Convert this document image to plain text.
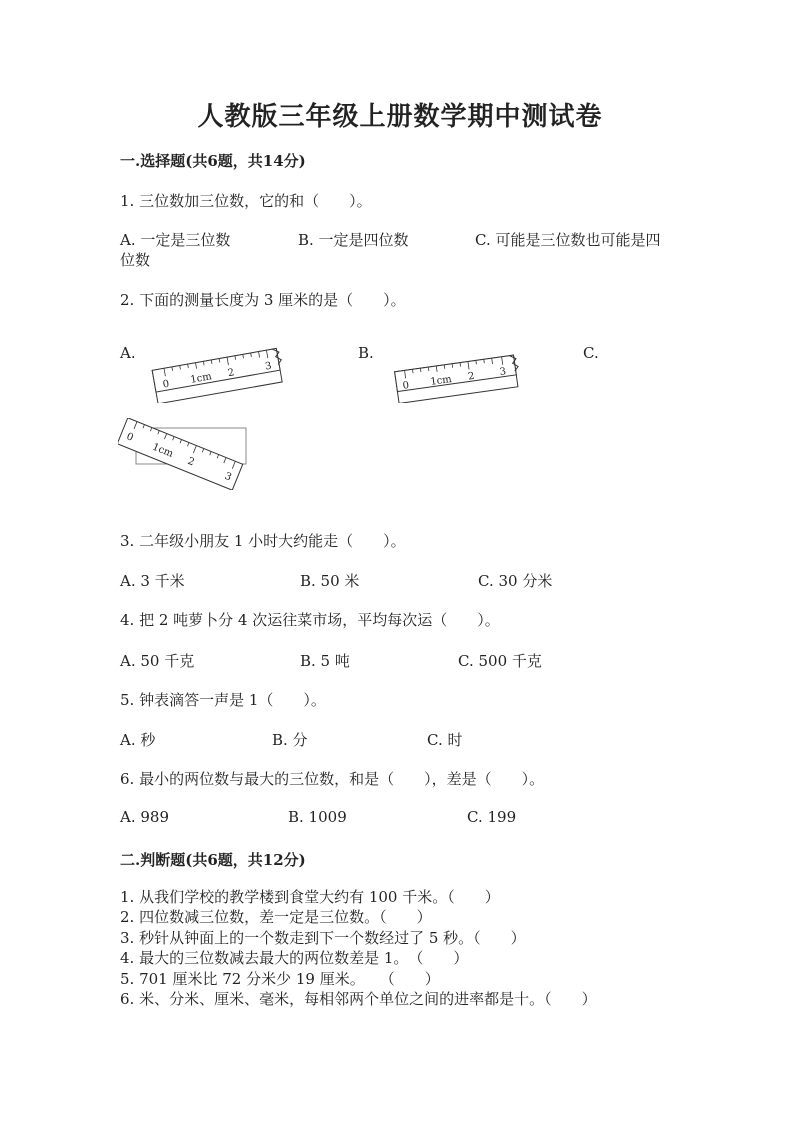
人教版三年级上册数学期中测试卷
一.选择题(共6题，共14分)
1. 三位数加三位数，它的和（　　）。
A. 一定是三位数	B. 一定是四位数	C. 可能是三位数也可能是四
位数
2. 下面的测量长度为 3 厘米的是（　　）。
A.	B.	C.
0 1cm 2
3
0 1cm 2 3
0
1cm
2
3
3. 二年级小朋友 1 小时大约能走（　　）。
A. 3 千米	B. 50 米	C. 30 分米
4. 把 2 吨萝卜分 4 次运往菜市场，平均每次运（　　）。
A. 50 千克	B. 5 吨	C. 500 千克
5. 钟表滴答一声是 1（　　）。
A. 秒	B. 分	C. 时
6. 最小的两位数与最大的三位数，和是（　　），差是（　　）。
A. 989	B. 1009	C. 199
二.判断题(共6题，共12分)
1. 从我们学校的教学楼到食堂大约有 100 千米。（　　）
2. 四位数减三位数，差一定是三位数。（　　）
3. 秒针从钟面上的一个数走到下一个数经过了 5 秒。（　　）
4. 最大的三位数减去最大的两位数差是 1。　（　　）
5. 701 厘米比 72 分米少 19 厘米。　　（　　）
6. 米、分米、厘米、毫米，每相邻两个单位之间的进率都是十。（　　）
